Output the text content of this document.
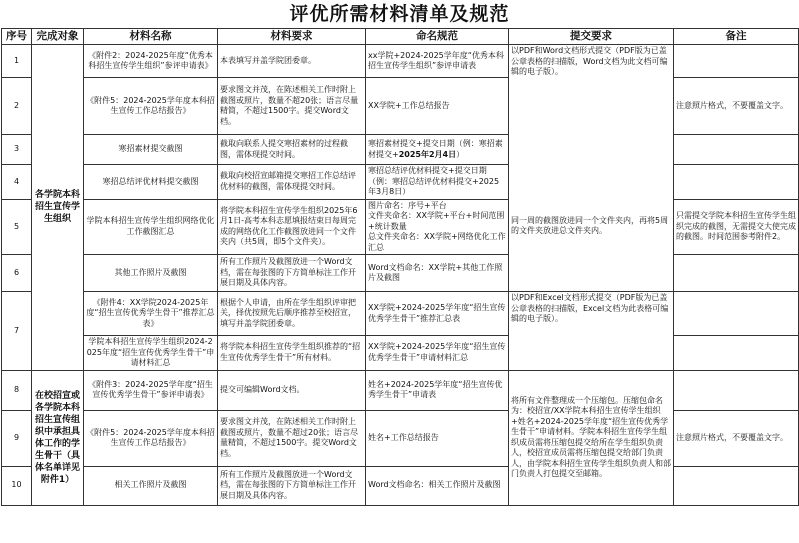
评优所需材料清单及规范
序号	完成对象	材料名称	材料要求	命名规范	提交要求	备注
1	各学院本科招生宣传学生组织	《附件2：2024-2025年度“优秀本科招生宣传学生组织”参评申请表》	本表填写并盖学院团委章。	xx学院+2024-2025学年度“优秀本科招生宣传学生组织”参评申请表	以PDF和Word文档形式提交（PDF版为已盖公章表格的扫描版，Word文档为此文档可编辑的电子版）。
同一周的截图放进同一个文件夹内，再将5周的文件夹放进总文件夹内。	

2		《附件5：2024-2025学年度本科招生宣传工作总结报告》	要求图文并茂，在陈述相关工作时附上截图或照片，数量不超20张；语言尽量精简，不超过1500字。提交Word文档。	XX学院+工作总结报告		注意照片格式，不要覆盖文字。
3		寒招素材提交截图	截取向联系人提交寒招素材的过程截图，需体现提交时间。	寒招素材提交+提交日期（例：寒招素材提交+2025年2月4日）		
4		寒招总结评优材料提交截图	截取向校招宣邮箱提交寒招工作总结评优材料的截图，需体现提交时间。	寒招总结评优材料提交+提交日期（例：寒招总结评优材料提交+2025年3月8日）		
5		学院本科招生宣传学生组织网络优化工作截图汇总	将学院本科招生宣传学生组织2025年6月1日-高考本科志愿填报结束日每周完成的网络优化工作截图放进同一个文件夹内（共5周，即5个文件夹）。	图片命名：序号+平台
文件夹命名：XX学院+平台+时间范围+统计数量
总文件夹命名：XX学院+网络优化工作汇总		只需提交学院本科招生宣传学生组织完成的截图，无需提交大使完成的截图。时间范围参考附件2。
6		其他工作照片及截图	所有工作照片及截图放进一个Word文档，需在每张图的下方简单标注工作开展日期及具体内容。	Word文档命名：XX学院+其他工作照片及截图		
7		《附件4：XX学院2024-2025年度“招生宣传优秀学生骨干”推荐汇总表》	根据个人申请，由所在学生组织评审把关，择优按照先后顺序推荐至校招宣，填写并盖学院团委章。	XX学院+2024-2025学年度“招生宣传优秀学生骨干”推荐汇总表	以PDF和Excel文档形式提交（PDF版为已盖公章表格的扫描版，Excel文档为此表格可编辑的电子版）。	
		学院本科招生宣传学生组织2024-2025年度“招生宣传优秀学生骨干”申请材料汇总	将学院本科招生宣传学生组织推荐的“招生宣传优秀学生骨干”所有材料。	XX学院+2024-2025学年度“招生宣传优秀学生骨干”申请材料汇总		
8	在校招宣或各学院本科招生宣传组织中承担具体工作的学生骨干（具体名单详见附件1）	《附件3：2024-2025学年度“招生宣传优秀学生骨干”参评申请表》	提交可编辑Word文档。	姓名+2024-2025学年度“招生宣传优秀学生骨干”申请表	将所有文件整理成一个压缩包。压缩包命名为：校招宣/XX学院本科招生宣传学生组织+姓名+2024-2025学年度“招生宣传优秀学生骨干”申请材料。学院本科招生宣传学生组织成员需将压缩包提交给所在学生组织负责人，校招宣成员需将压缩包提交给部门负责人，由学院本科招生宣传学生组织负责人和部门负责人打包提交至邮箱。	
9		《附件5：2024-2025学年度本科招生宣传工作总结报告》	要求图文并茂，在陈述相关工作时附上截图或照片，数量不超过20张；语言尽量精简，不超过1500字。提交Word文档。	姓名+工作总结报告		注意照片格式，不要覆盖文字。
10		相关工作照片及截图	所有工作照片及截图放进一个Word文档，需在每张图的下方简单标注工作开展日期及具体内容。	Word文档命名：相关工作照片及截图		
